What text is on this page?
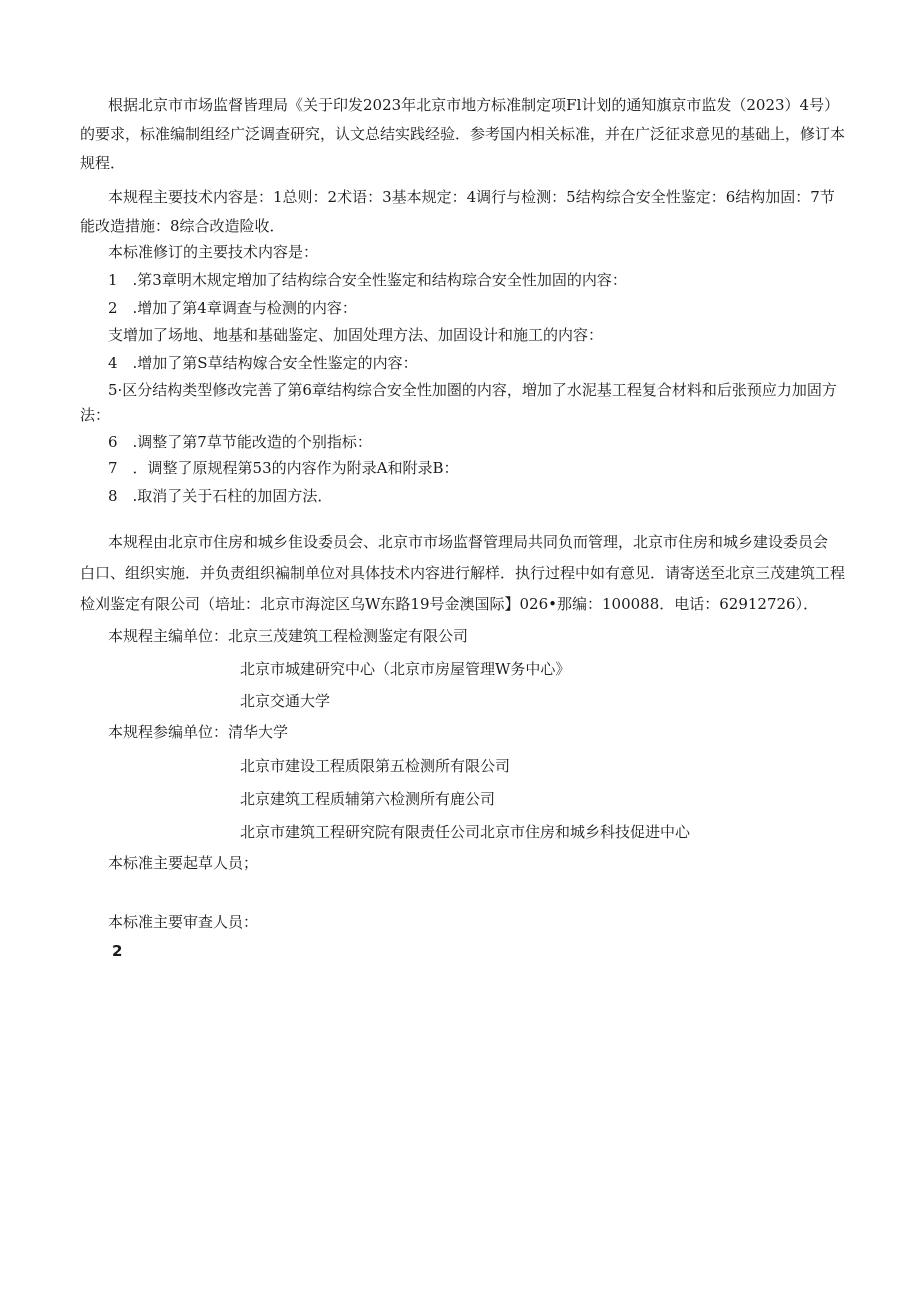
根据北京市市场监督皆理局《关于印发2023年北京市地方标准制定项Fl计划的通知旗京市监发（2023）4号）
的要求，标准编制组经广泛调查研究，认文总结实践经验．参考国内相关标准，并在广泛征求意见的基础上，修订本
规程．
本规程主要技术内容是：1总则：2术语：3基本规定：4调行与检测：5结构综合安全性鉴定：6结构加固：7节
能改造措施：8综合改造险收．
本标准修订的主要技术内容是：
1　.笫3章明木规定増加了结构综合安全性鉴定和结构琮合安全性加固的内容：
2　.增加了第4章调查与检测的内容：
支增加了场地、地基和基础鉴定、加固处理方法、加固设计和施工的内容：
4　.增加了第S草结构嫁合安全性鉴定的内容：
5·区分结构类型修改完善了第6章结构综合安全性加圏的内容，増加了水泥基工程复合材料和后张预应力加固方
法：
6　.调整了第7草节能改造的个别指标：
7　．调整了原规程第53的内容作为附录A和附录B：
8　.取消了关于石柱的加固方法．
本规程由北京市住房和城乡隹设委员会、北京市市场监督管理局共同负而管理，北京市住房和城乡建设委员会
白口、组织实施．并负责组织褊制单位对具体技术内容进行解样．执行过程中如有意见．请寄送至北京三茂建筑工程
检刈鉴定有限公司（培址：北京市海淀区乌W东路19号金澳国际】026•那编：100088．电话：62912726）．
本规程主编单位：北京三茂建筑工程检测鉴定有限公司
北京市城建研究中心（北京市房屋管理W务中心》
北京交通大学
本规程参编单位：清华大学
北京市建设工程质限第五检测所有限公司
北京建筑工程质辅第六检测所有鹿公司
北京市建筑工程研究院有限责任公司北京市住房和城乡科技促进中心
本标准主要起草人员；
本标准主要审查人员：
2
